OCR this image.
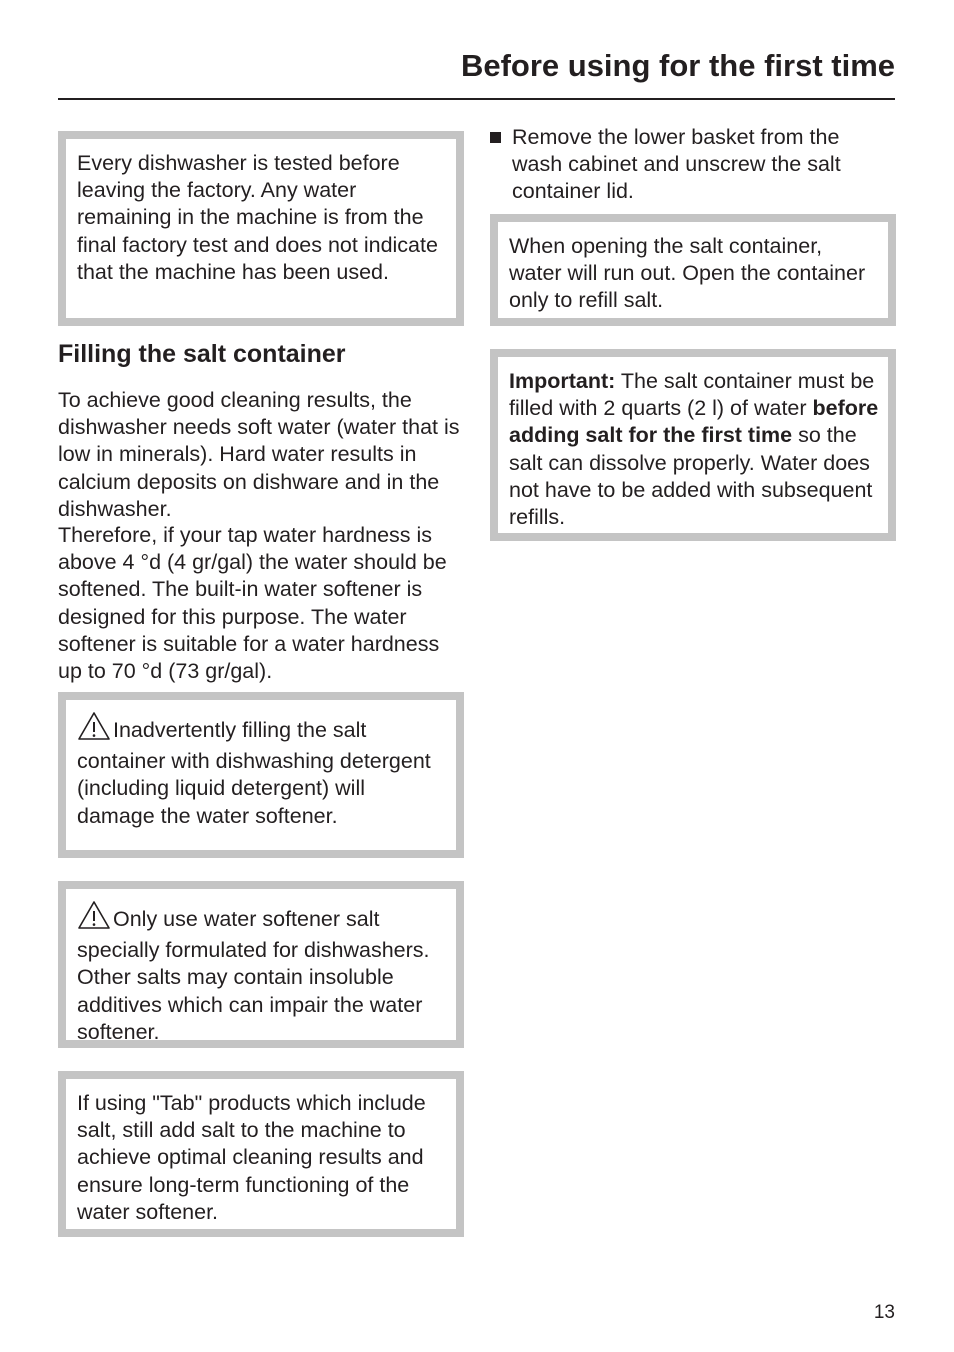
Before using for the first time

Every dishwasher is tested before leaving the factory. Any water remaining in the machine is from the final factory test and does not indicate that the machine has been used.

Filling the salt container

To achieve good cleaning results, the dishwasher needs soft water (water that is low in minerals). Hard water results in calcium deposits on dishware and in the dishwasher.

Therefore, if your tap water hardness is above 4 °d (4 gr/gal) the water should be softened. The built-in water softener is designed for this purpose. The water softener is suitable for a water hardness up to 70 °d (73 gr/gal).

Inadvertently filling the salt container with dishwashing detergent (including liquid detergent) will damage the water softener.

Only use water softener salt specially formulated for dishwashers. Other salts may contain insoluble additives which can impair the water softener.

If using "Tab" products which include salt, still add salt to the machine to achieve optimal cleaning results and ensure long-term functioning of the water softener.

Remove the lower basket from the wash cabinet and unscrew the salt container lid.

When opening the salt container, water will run out. Open the container only to refill salt.

Important: The salt container must be filled with 2 quarts (2 l) of water before adding salt for the first time so the salt can dissolve properly. Water does not have to be added with subsequent refills.

13
